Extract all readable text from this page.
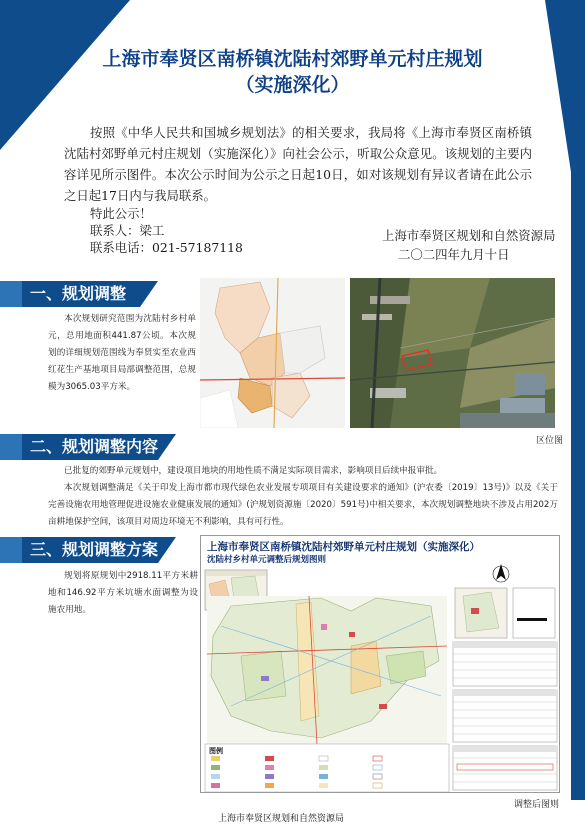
上海市奉贤区南桥镇沈陆村郊野单元村庄规划
（实施深化）
按照《中华人民共和国城乡规划法》的相关要求，我局将《上海市奉贤区南桥镇沈陆村郊野单元村庄规划（实施深化）》向社会公示，听取公众意见。该规划的主要内容详见所示图件。本次公示时间为公示之日起10日，如对该规划有异议者请在此公示之日起17日内与我局联系。
特此公示！
联系人：梁工
联系电话：021-57187118
上海市奉贤区规划和自然资源局
二〇二四年九月十日
一、规划调整对象 本次规划研究范围为沈陆村乡村单元，总用地面积441.87公顷。本次规划的详细规划范围线为奉贤实至农业西红花生产基地项目局部调整范围，总规模为3065.03平方米。
区位图
二、规划调整内容
已批复的郊野单元规划中，建设项目地块的用地性质不满足实际项目需求，影响项目后续申报审批。
本次规划调整满足《关于印发上海市都市现代绿色农业发展专项项目有关建设要求的通知》(沪农委〔2019〕13号)》以及《关于完善设施农用地管理促进设施农业健康发展的通知》(沪规划资源施〔2020〕591号)中相关要求，本次规划调整地块不涉及占用202万亩耕地保护空间，该项目对周边环境无不利影响，具有可行性。
三、规划调整方案
规划将原规划中2918.11平方米耕地和146.92平方米坑塘水面调整为设施农用地。
上海市奉贤区南桥镇沈陆村郊野单元村庄规划（实施深化）
沈陆村乡村单元调整后规划图则
图例
调整后图则
上海市奉贤区规划和自然资源局
